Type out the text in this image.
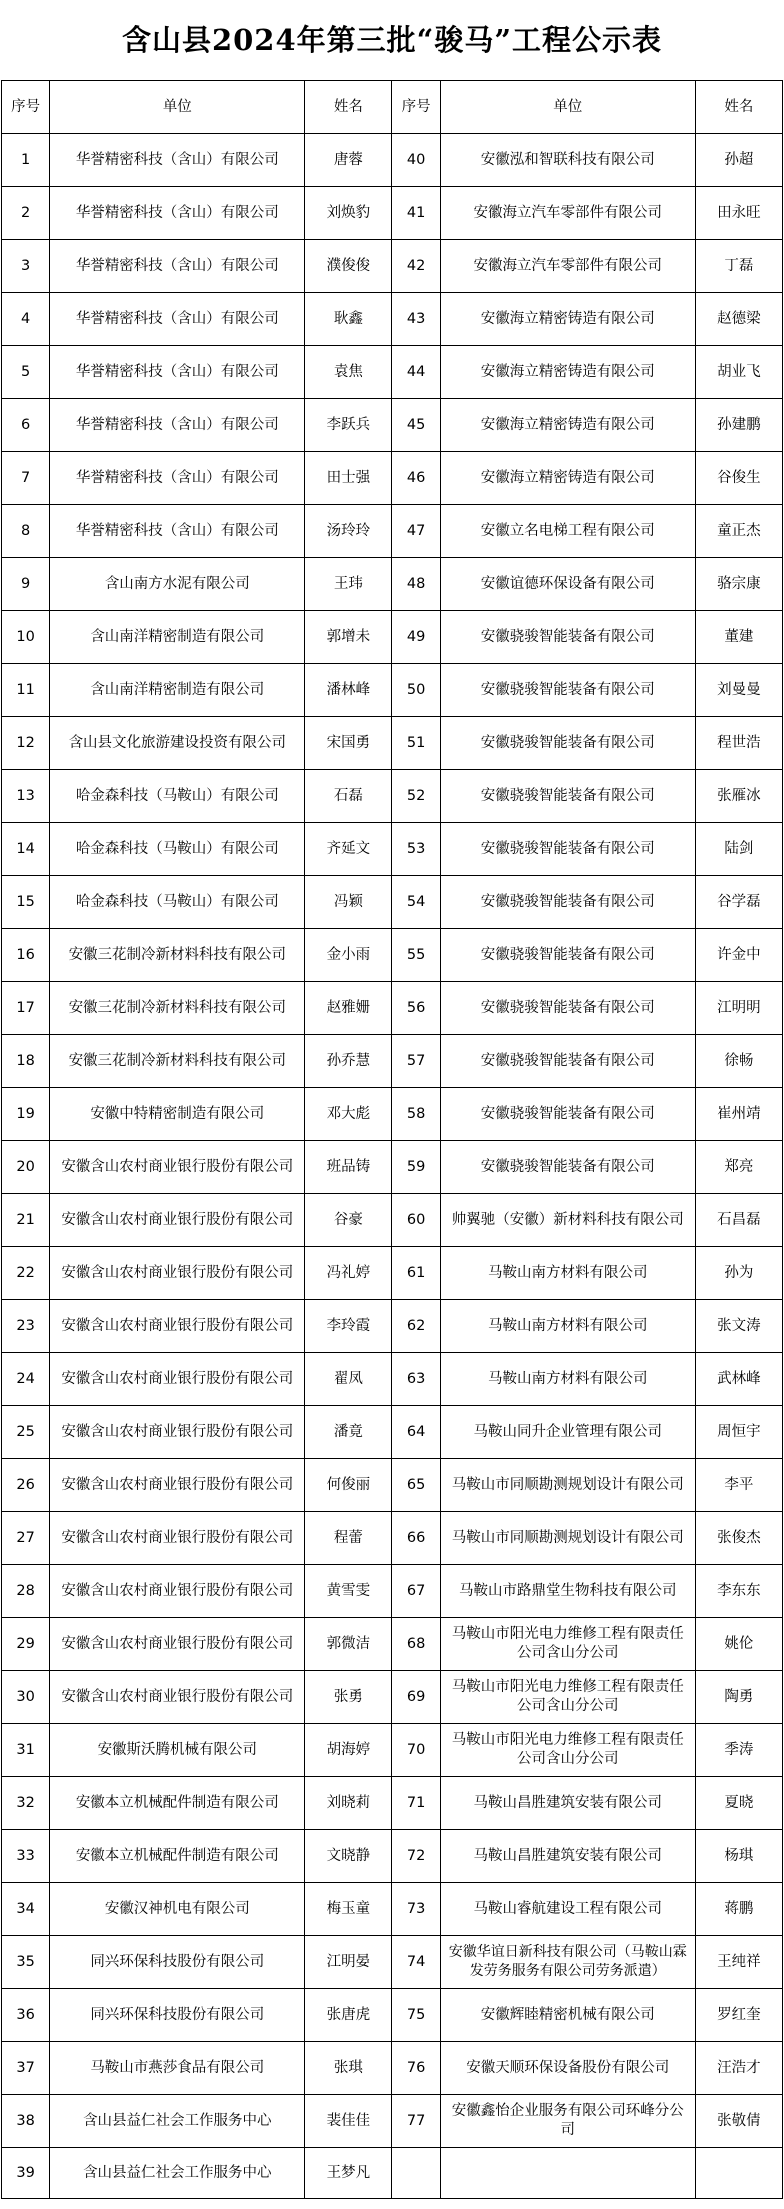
含山县2024年第三批“骏马”工程公示表
序号	单位	姓名	序号	单位	姓名
1	华誉精密科技（含山）有限公司	唐蓉	40	安徽泓和智联科技有限公司	孙超
2	华誉精密科技（含山）有限公司	刘焕豹	41	安徽海立汽车零部件有限公司	田永旺
3	华誉精密科技（含山）有限公司	濮俊俊	42	安徽海立汽车零部件有限公司	丁磊
4	华誉精密科技（含山）有限公司	耿鑫	43	安徽海立精密铸造有限公司	赵德梁
5	华誉精密科技（含山）有限公司	袁焦	44	安徽海立精密铸造有限公司	胡业飞
6	华誉精密科技（含山）有限公司	李跃兵	45	安徽海立精密铸造有限公司	孙建鹏
7	华誉精密科技（含山）有限公司	田士强	46	安徽海立精密铸造有限公司	谷俊生
8	华誉精密科技（含山）有限公司	汤玲玲	47	安徽立名电梯工程有限公司	童正杰
9	含山南方水泥有限公司	王玮	48	安徽谊德环保设备有限公司	骆宗康
10	含山南洋精密制造有限公司	郭增未	49	安徽骁骏智能装备有限公司	董建
11	含山南洋精密制造有限公司	潘林峰	50	安徽骁骏智能装备有限公司	刘曼曼
12	含山县文化旅游建设投资有限公司	宋国勇	51	安徽骁骏智能装备有限公司	程世浩
13	哈金森科技（马鞍山）有限公司	石磊	52	安徽骁骏智能装备有限公司	张雁冰
14	哈金森科技（马鞍山）有限公司	齐延文	53	安徽骁骏智能装备有限公司	陆剑
15	哈金森科技（马鞍山）有限公司	冯颖	54	安徽骁骏智能装备有限公司	谷学磊
16	安徽三花制冷新材料科技有限公司	金小雨	55	安徽骁骏智能装备有限公司	许金中
17	安徽三花制冷新材料科技有限公司	赵雅姗	56	安徽骁骏智能装备有限公司	江明明
18	安徽三花制冷新材料科技有限公司	孙乔慧	57	安徽骁骏智能装备有限公司	徐畅
19	安徽中特精密制造有限公司	邓大彪	58	安徽骁骏智能装备有限公司	崔州靖
20	安徽含山农村商业银行股份有限公司	班品铸	59	安徽骁骏智能装备有限公司	郑亮
21	安徽含山农村商业银行股份有限公司	谷豪	60	帅翼驰（安徽）新材料科技有限公司	石昌磊
22	安徽含山农村商业银行股份有限公司	冯礼婷	61	马鞍山南方材料有限公司	孙为
23	安徽含山农村商业银行股份有限公司	李玲霞	62	马鞍山南方材料有限公司	张文涛
24	安徽含山农村商业银行股份有限公司	翟凤	63	马鞍山南方材料有限公司	武林峰
25	安徽含山农村商业银行股份有限公司	潘竟	64	马鞍山同升企业管理有限公司	周恒宇
26	安徽含山农村商业银行股份有限公司	何俊丽	65	马鞍山市同顺勘测规划设计有限公司	李平
27	安徽含山农村商业银行股份有限公司	程蕾	66	马鞍山市同顺勘测规划设计有限公司	张俊杰
28	安徽含山农村商业银行股份有限公司	黄雪雯	67	马鞍山市路鼎堂生物科技有限公司	李东东
29	安徽含山农村商业银行股份有限公司	郭微洁	68	马鞍山市阳光电力维修工程有限责任公司含山分公司	姚伦
30	安徽含山农村商业银行股份有限公司	张勇	69	马鞍山市阳光电力维修工程有限责任公司含山分公司	陶勇
31	安徽斯沃腾机械有限公司	胡海婷	70	马鞍山市阳光电力维修工程有限责任公司含山分公司	季涛
32	安徽本立机械配件制造有限公司	刘晓莉	71	马鞍山昌胜建筑安装有限公司	夏晓
33	安徽本立机械配件制造有限公司	文晓静	72	马鞍山昌胜建筑安装有限公司	杨琪
34	安徽汉神机电有限公司	梅玉童	73	马鞍山睿航建设工程有限公司	蒋鹏
35	同兴环保科技股份有限公司	江明晏	74	安徽华谊日新科技有限公司（马鞍山霖发劳务服务有限公司劳务派遣）	王纯祥
36	同兴环保科技股份有限公司	张唐虎	75	安徽辉睦精密机械有限公司	罗红奎
37	马鞍山市燕莎食品有限公司	张琪	76	安徽天顺环保设备股份有限公司	汪浩才
38	含山县益仁社会工作服务中心	裴佳佳	77	安徽鑫怡企业服务有限公司环峰分公司	张敬倩
39	含山县益仁社会工作服务中心	王梦凡			
